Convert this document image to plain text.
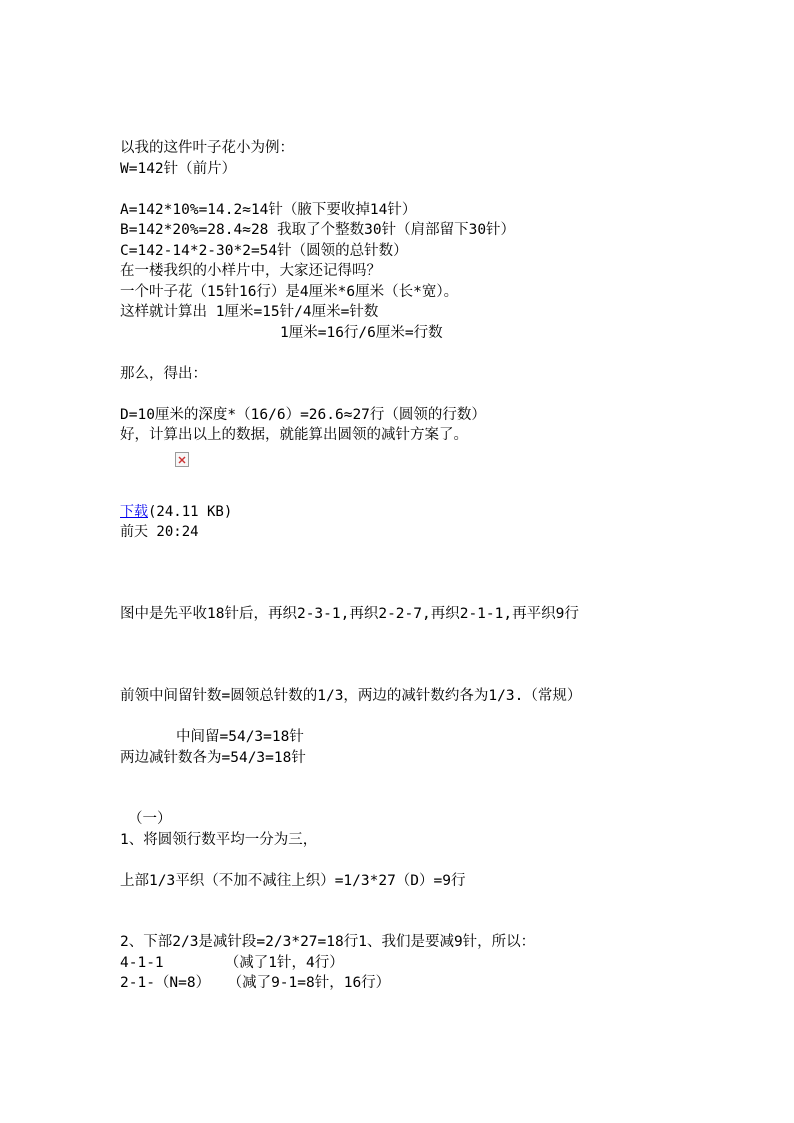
以我的这件叶子花小为例：
W=142针（前片）
A=142*10%=14.2≈14针（腋下要收掉14针）
B=142*20%=28.4≈28 我取了个整数30针（肩部留下30针）
C=142-14*2-30*2=54针（圆领的总针数）
在一楼我织的小样片中，大家还记得吗？
一个叶子花（15针16行）是4厘米*6厘米（长*宽）。
这样就计算出 1厘米=15针/4厘米=针数
1厘米=16行/6厘米=行数
那么，得出：
D=10厘米的深度*（16/6）=26.6≈27行（圆领的行数）
好，计算出以上的数据，就能算出圆领的减针方案了。
下载(24.11 KB)
前天 20:24
图中是先平收18针后，再织2-3-1,再织2-2-7,再织2-1-1,再平织9行
前领中间留针数=圆领总针数的1/3，两边的减针数约各为1/3.（常规）
中间留=54/3=18针
两边减针数各为=54/3=18针
（一）
1、将圆领行数平均一分为三，
上部1/3平织（不加不减往上织）=1/3*27（D）=9行
2、下部2/3是减针段=2/3*27=18行1、我们是要减9针，所以：
4-1-1       （减了1针，4行）
2-1-（N=8）  （减了9-1=8针，16行）
